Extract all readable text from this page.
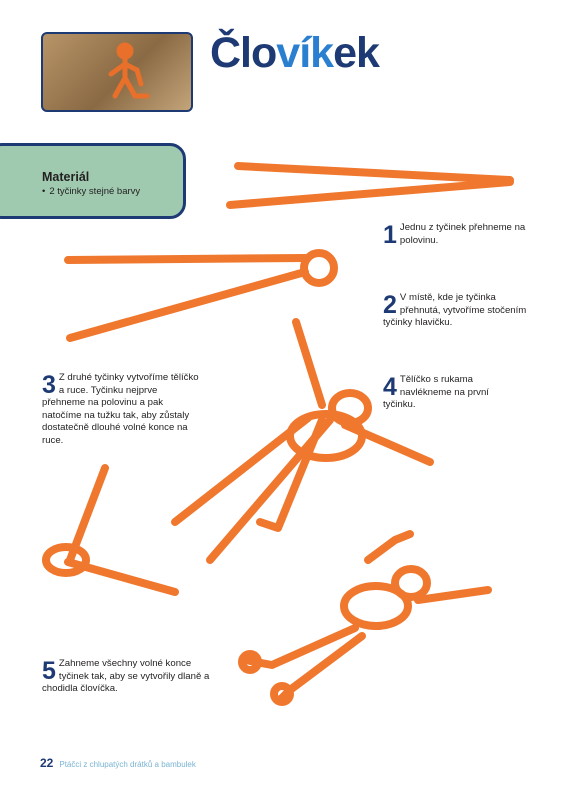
Človíkek
Materiál
• 2 tyčinky stejné barvy
1 Jednu z tyčinek přehneme na polovinu.
2 V místě, kde je tyčinka přehnutá, vytvoříme stočením tyčinky hlavičku.
3 Z druhé tyčinky vytvoříme tělíčko a ruce. Tyčinku nejprve přehneme na polovinu a pak natočíme na tužku tak, aby zůstaly dostatečně dlouhé volné konce na ruce.
4 Tělíčko s rukama navlékneme na první tyčinku.
5 Zahneme všechny volné konce tyčinek tak, aby se vytvořily dlaně a chodidla človíčka.
22 Ptáčci z chlupatých drátků a bambulek
